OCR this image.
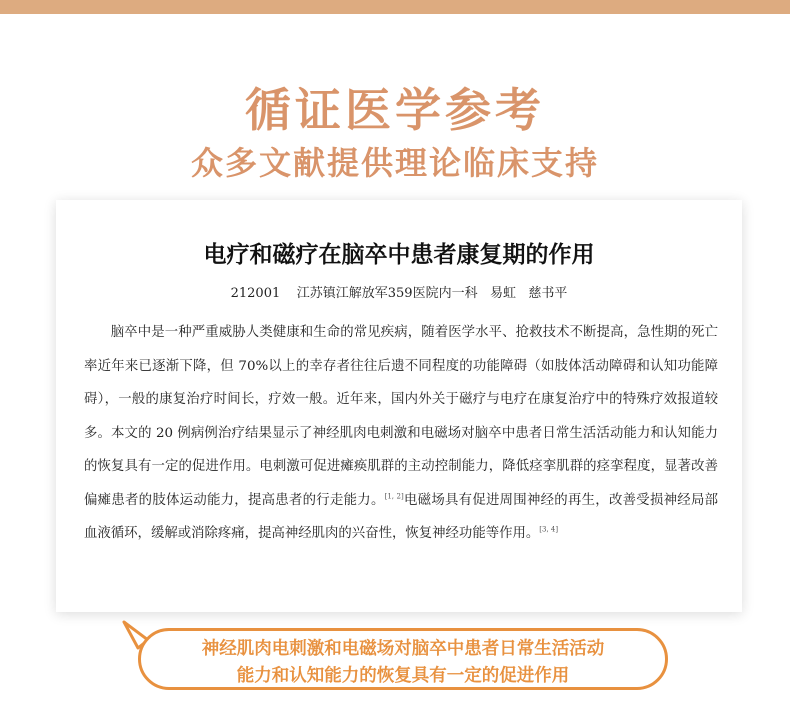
循证医学参考
众多文献提供理论临床支持
电疗和磁疗在脑卒中患者康复期的作用
212001    江苏镇江解放军359医院内一科   易虹   慈书平
脑卒中是一种严重威胁人类健康和生命的常见疾病，随着医学水平、抢救技术不断提高，急性期的死亡率近年来已逐渐下降，但 70%以上的幸存者往往后遗不同程度的功能障碍（如肢体活动障碍和认知功能障碍），一般的康复治疗时间长，疗效一般。近年来，国内外关于磁疗与电疗在康复治疗中的特殊疗效报道较多。本文的 20 例病例治疗结果显示了神经肌肉电刺激和电磁场对脑卒中患者日常生活活动能力和认知能力的恢复具有一定的促进作用。电刺激可促进瘫痪肌群的主动控制能力，降低痉挛肌群的痉挛程度，显著改善偏瘫患者的肢体运动能力，提高患者的行走能力。[1, 2]电磁场具有促进周围神经的再生，改善受损神经局部血液循环，缓解或消除疼痛，提高神经肌肉的兴奋性，恢复神经功能等作用。[3, 4]
神经肌肉电刺激和电磁场对脑卒中患者日常生活活动
能力和认知能力的恢复具有一定的促进作用
